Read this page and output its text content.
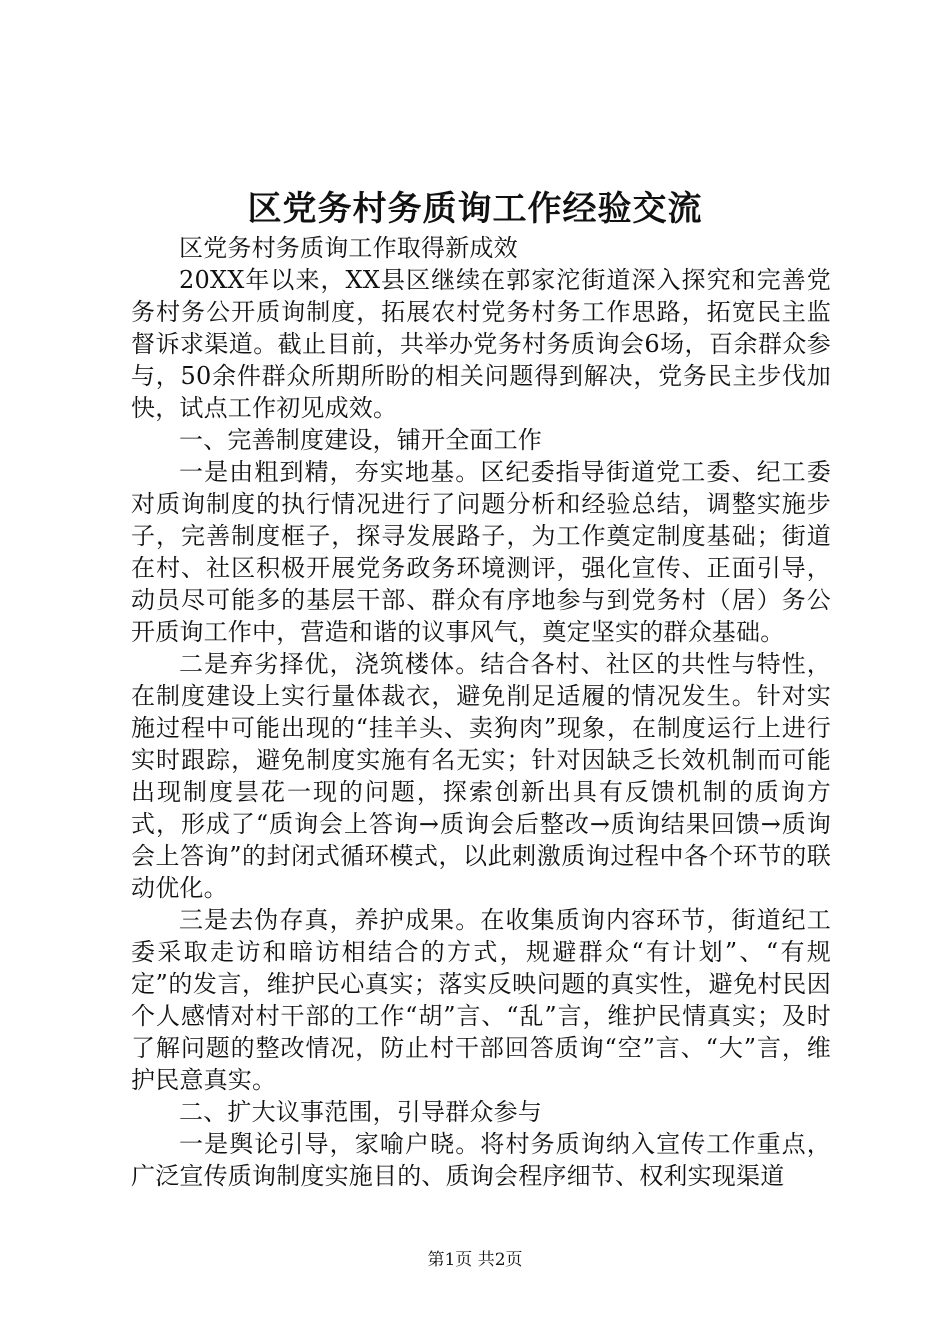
区党务村务质询工作经验交流

区党务村务质询工作取得新成效

20XX年以来，XX县区继续在郭家沱街道深入探究和完善党务村务公开质询制度，拓展农村党务村务工作思路，拓宽民主监督诉求渠道。截止目前，共举办党务村务质询会6场，百余群众参与，50余件群众所期所盼的相关问题得到解决，党务民主步伐加快，试点工作初见成效。

一、完善制度建设，铺开全面工作

一是由粗到精，夯实地基。区纪委指导街道党工委、纪工委对质询制度的执行情况进行了问题分析和经验总结，调整实施步子，完善制度框子，探寻发展路子，为工作奠定制度基础；街道在村、社区积极开展党务政务环境测评，强化宣传、正面引导，动员尽可能多的基层干部、群众有序地参与到党务村（居）务公开质询工作中，营造和谐的议事风气，奠定坚实的群众基础。

二是弃劣择优，浇筑楼体。结合各村、社区的共性与特性，在制度建设上实行量体裁衣，避免削足适履的情况发生。针对实施过程中可能出现的“挂羊头、卖狗肉”现象，在制度运行上进行实时跟踪，避免制度实施有名无实；针对因缺乏长效机制而可能出现制度昙花一现的问题，探索创新出具有反馈机制的质询方式，形成了“质询会上答询→质询会后整改→质询结果回馈→质询会上答询”的封闭式循环模式，以此刺激质询过程中各个环节的联动优化。

三是去伪存真，养护成果。在收集质询内容环节，街道纪工委采取走访和暗访相结合的方式，规避群众“有计划”、“有规定”的发言，维护民心真实；落实反映问题的真实性，避免村民因个人感情对村干部的工作“胡”言、“乱”言，维护民情真实；及时了解问题的整改情况，防止村干部回答质询“空”言、“大”言，维护民意真实。

二、扩大议事范围，引导群众参与

一是舆论引导，家喻户晓。将村务质询纳入宣传工作重点，广泛宣传质询制度实施目的、质询会程序细节、权利实现渠道

第1页 共2页
